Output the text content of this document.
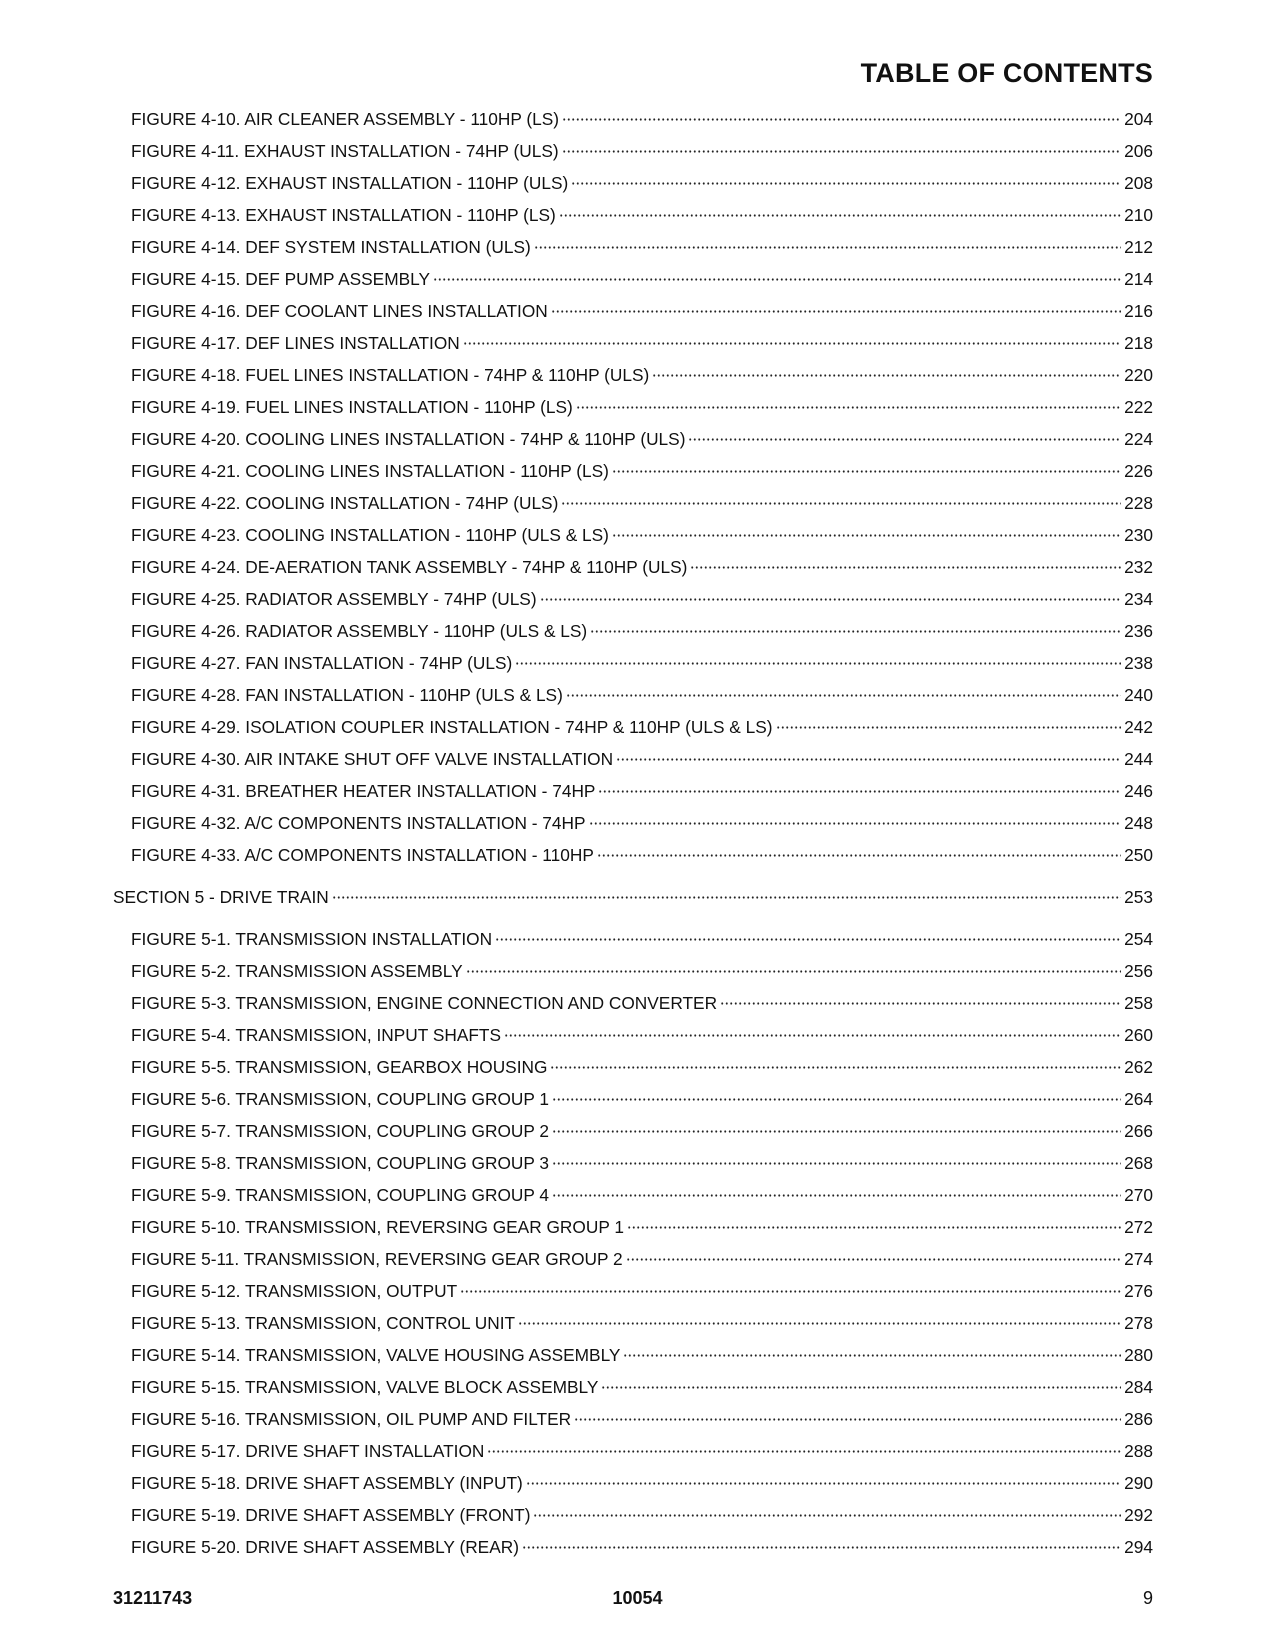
TABLE OF CONTENTS
FIGURE 4-10. AIR CLEANER ASSEMBLY - 110HP (LS)	204
FIGURE 4-11. EXHAUST INSTALLATION - 74HP (ULS)	206
FIGURE 4-12. EXHAUST INSTALLATION - 110HP (ULS)	208
FIGURE 4-13. EXHAUST INSTALLATION - 110HP (LS)	210
FIGURE 4-14. DEF SYSTEM INSTALLATION (ULS)	212
FIGURE 4-15. DEF PUMP ASSEMBLY	214
FIGURE 4-16. DEF COOLANT LINES INSTALLATION	216
FIGURE 4-17. DEF LINES INSTALLATION	218
FIGURE 4-18. FUEL LINES INSTALLATION - 74HP & 110HP (ULS)	220
FIGURE 4-19. FUEL LINES INSTALLATION - 110HP (LS)	222
FIGURE 4-20. COOLING LINES INSTALLATION - 74HP & 110HP (ULS)	224
FIGURE 4-21. COOLING LINES INSTALLATION - 110HP (LS)	226
FIGURE 4-22. COOLING INSTALLATION - 74HP (ULS)	228
FIGURE 4-23. COOLING INSTALLATION - 110HP (ULS & LS)	230
FIGURE 4-24. DE-AERATION TANK ASSEMBLY - 74HP & 110HP (ULS)	232
FIGURE 4-25. RADIATOR ASSEMBLY - 74HP (ULS)	234
FIGURE 4-26. RADIATOR ASSEMBLY - 110HP (ULS & LS)	236
FIGURE 4-27. FAN INSTALLATION - 74HP (ULS)	238
FIGURE 4-28. FAN INSTALLATION - 110HP (ULS & LS)	240
FIGURE 4-29. ISOLATION COUPLER INSTALLATION - 74HP & 110HP (ULS & LS)	242
FIGURE 4-30. AIR INTAKE SHUT OFF VALVE INSTALLATION	244
FIGURE 4-31. BREATHER HEATER INSTALLATION - 74HP	246
FIGURE 4-32. A/C COMPONENTS INSTALLATION - 74HP	248
FIGURE 4-33. A/C COMPONENTS INSTALLATION - 110HP	250
SECTION 5 - DRIVE TRAIN	253
FIGURE 5-1. TRANSMISSION INSTALLATION	254
FIGURE 5-2. TRANSMISSION ASSEMBLY	256
FIGURE 5-3. TRANSMISSION, ENGINE CONNECTION AND CONVERTER	258
FIGURE 5-4. TRANSMISSION, INPUT SHAFTS	260
FIGURE 5-5. TRANSMISSION, GEARBOX HOUSING	262
FIGURE 5-6. TRANSMISSION, COUPLING GROUP 1	264
FIGURE 5-7. TRANSMISSION, COUPLING GROUP 2	266
FIGURE 5-8. TRANSMISSION, COUPLING GROUP 3	268
FIGURE 5-9. TRANSMISSION, COUPLING GROUP 4	270
FIGURE 5-10. TRANSMISSION, REVERSING GEAR GROUP 1	272
FIGURE 5-11. TRANSMISSION, REVERSING GEAR GROUP 2	274
FIGURE 5-12. TRANSMISSION, OUTPUT	276
FIGURE 5-13. TRANSMISSION, CONTROL UNIT	278
FIGURE 5-14. TRANSMISSION, VALVE HOUSING ASSEMBLY	280
FIGURE 5-15. TRANSMISSION, VALVE BLOCK ASSEMBLY	284
FIGURE 5-16. TRANSMISSION, OIL PUMP AND FILTER	286
FIGURE 5-17. DRIVE SHAFT INSTALLATION	288
FIGURE 5-18. DRIVE SHAFT ASSEMBLY (INPUT)	290
FIGURE 5-19. DRIVE SHAFT ASSEMBLY (FRONT)	292
FIGURE 5-20. DRIVE SHAFT ASSEMBLY (REAR)	294
31211743	10054	9
